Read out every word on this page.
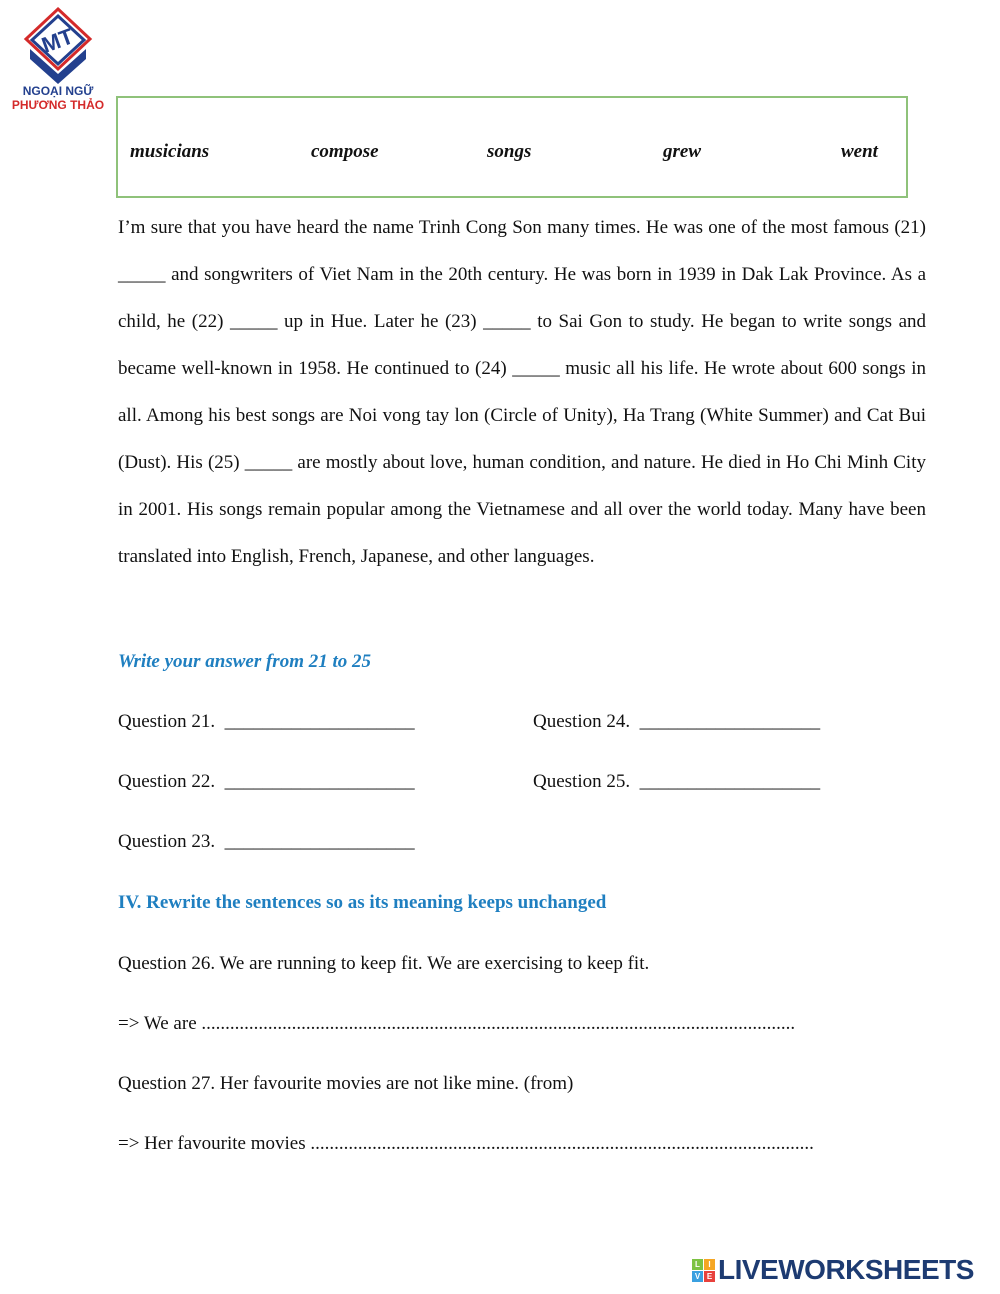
MT
NGOẠI NGỮ
PHƯƠNG THẢO
musicians	compose	songs	grew	went
I’m sure that you have heard the name Trinh Cong Son many times. He was one of the most famous (21) _____ and songwriters of Viet Nam in the 20th century. He was born in 1939 in Dak Lak Province. As a child, he (22) _____ up in Hue. Later he (23) _____ to Sai Gon to study. He began to write songs and became well-known in 1958. He continued to (24) _____ music all his life. He wrote about 600 songs in all. Among his best songs are Noi vong tay lon (Circle of Unity), Ha Trang (White Summer) and Cat Bui (Dust). His (25) _____ are mostly about love, human condition, and nature. He died in Ho Chi Minh City in 2001. His songs remain popular among the Vietnamese and all over the world today. Many have been translated into English, French, Japanese, and other languages.
Write your answer from 21 to 25
Question 21.  ____________________	Question 24.  ___________________
Question 22.  ____________________	Question 25.  ___________________
Question 23.  ____________________
IV. Rewrite the sentences so as its meaning keeps unchanged
Question 26. We are running to keep fit. We are exercising to keep fit.
=> We are .............................................................................................................................
Question 27. Her favourite movies are not like mine. (from)
=> Her favourite movies ..........................................................................................................
L	I
V E LIVEWORKSHEETS
